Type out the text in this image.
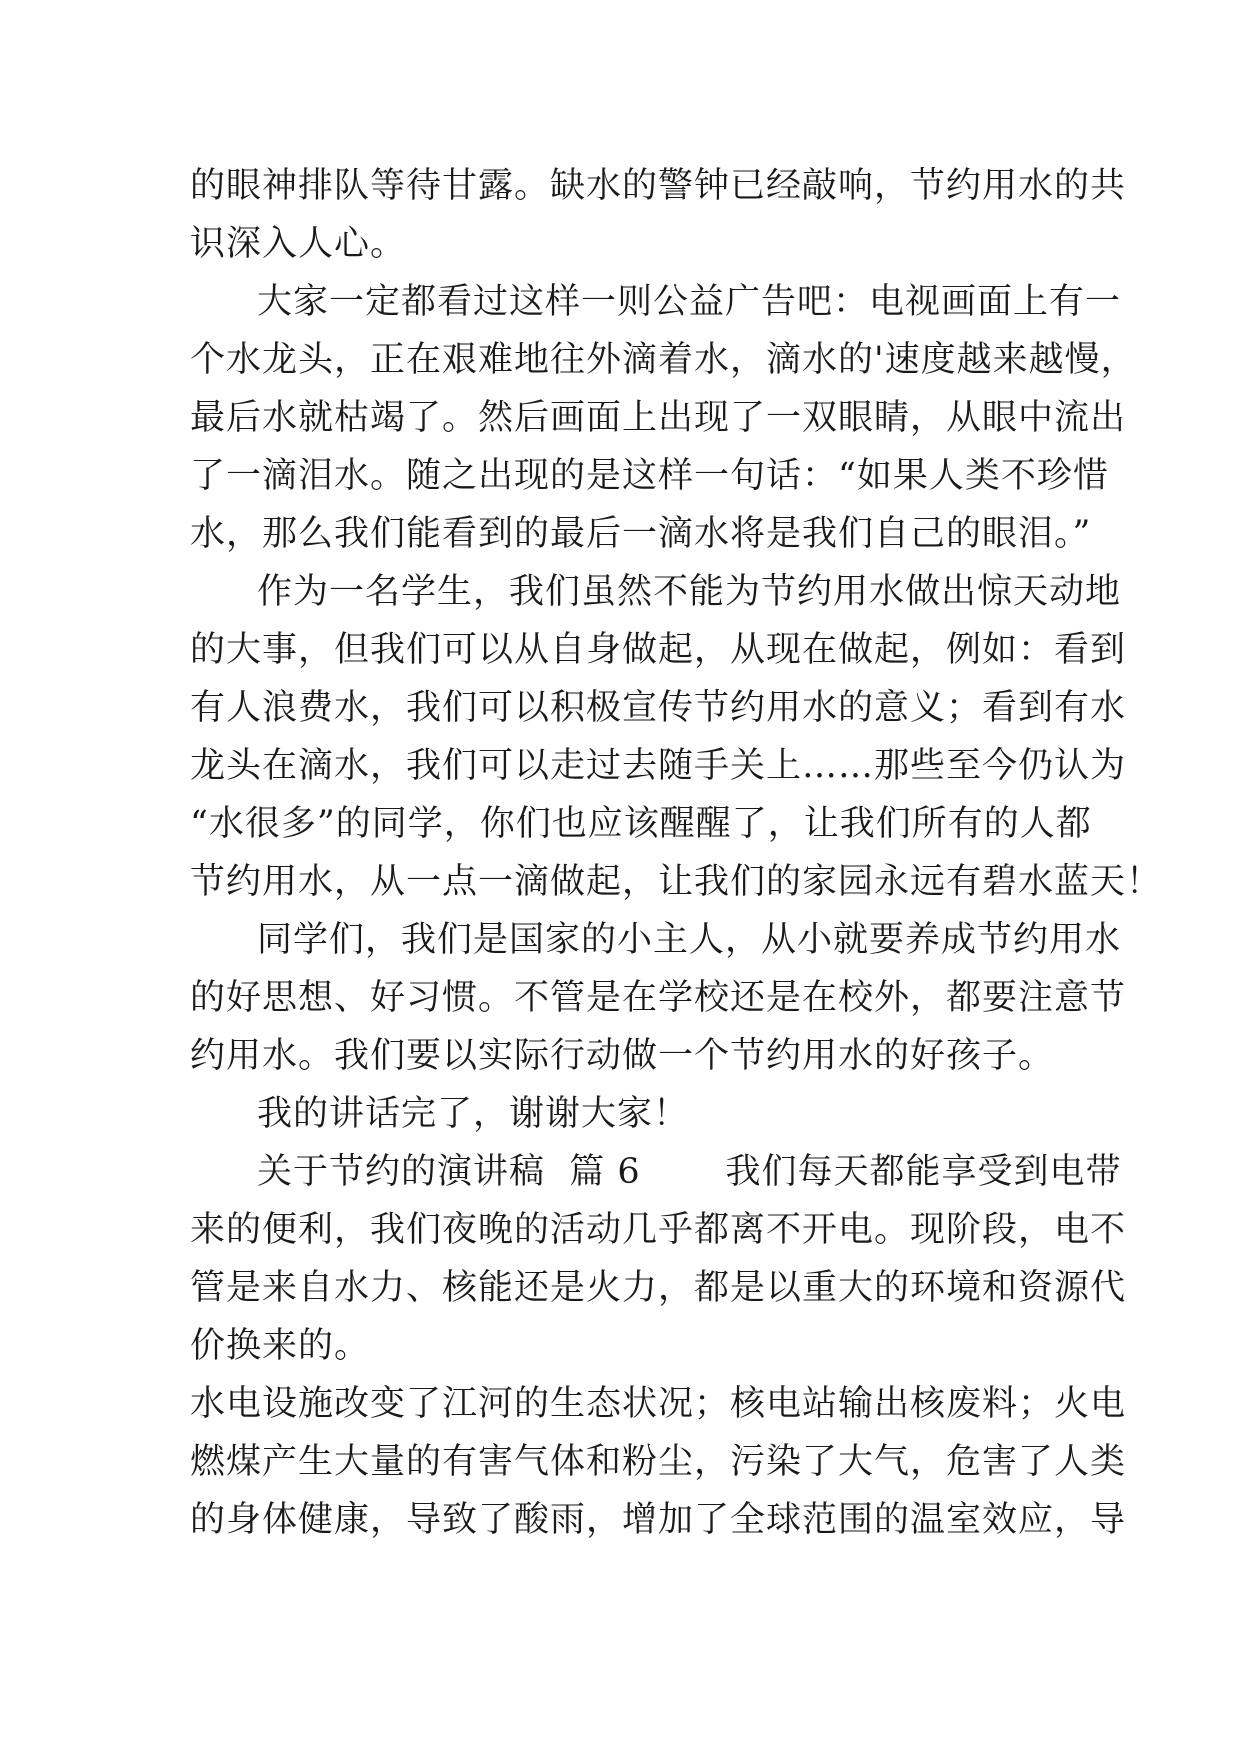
的眼神排队等待甘露。缺水的警钟已经敲响，节约用水的共
识深入人心。
大家一定都看过这样一则公益广告吧：电视画面上有一
个水龙头，正在艰难地往外滴着水，滴水的'速度越来越慢，
最后水就枯竭了。然后画面上出现了一双眼睛，从眼中流出
了一滴泪水。随之出现的是这样一句话：“如果人类不珍惜
水，那么我们能看到的最后一滴水将是我们自己的眼泪。”
作为一名学生，我们虽然不能为节约用水做出惊天动地
的大事，但我们可以从自身做起，从现在做起，例如：看到
有人浪费水，我们可以积极宣传节约用水的意义；看到有水
龙头在滴水，我们可以走过去随手关上……那些至今仍认为
“水很多”的同学，你们也应该醒醒了，让我们所有的人都
节约用水，从一点一滴做起，让我们的家园永远有碧水蓝天！
同学们，我们是国家的小主人，从小就要养成节约用水
的好思想、好习惯。不管是在学校还是在校外，都要注意节
约用水。我们要以实际行动做一个节约用水的好孩子。
我的讲话完了，谢谢大家！
关于节约的演讲稿  篇 6       我们每天都能享受到电带
来的便利，我们夜晚的活动几乎都离不开电。现阶段，电不
管是来自水力、核能还是火力，都是以重大的环境和资源代
价换来的。
水电设施改变了江河的生态状况；核电站输出核废料；火电
燃煤产生大量的有害气体和粉尘，污染了大气，危害了人类
的身体健康，导致了酸雨，增加了全球范围的温室效应，导
